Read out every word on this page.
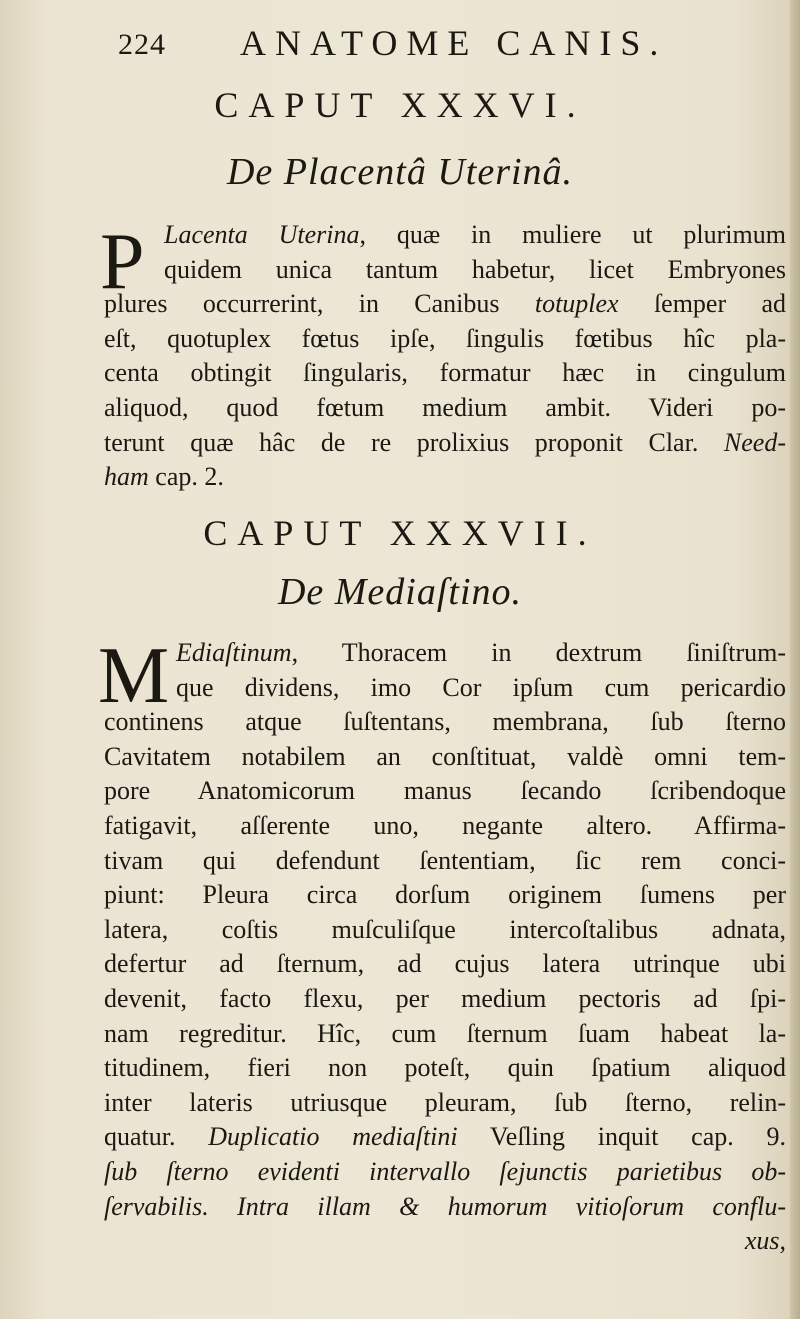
224 ANATOME CANIS.
CAPUT XXXVI.
De Placentâ Uterinâ.
P Lacenta Uterina, quæ in muliere ut plurimum
quidem unica tantum habetur, licet Embryones
plures occurrerint, in Canibus totuplex ſemper ad
eſt, quotuplex fœtus ipſe, ſingulis fœtibus hîc pla-
centa obtingit ſingularis, formatur hæc in cingulum
aliquod, quod fœtum medium ambit. Videri po-
terunt quæ hâc de re prolixius proponit Clar. Need-
ham cap. 2.
CAPUT XXXVII.
De Mediaſtino.
M Ediaſtinum, Thoracem in dextrum ſiniſtrum-
que dividens, imo Cor ipſum cum pericardio
continens atque ſuſtentans, membrana, ſub ſterno
Cavitatem notabilem an conſtituat, valdè omni tem-
pore Anatomicorum manus ſecando ſcribendoque
fatigavit, aſſerente uno, negante altero. Affirma-
tivam qui defendunt ſententiam, ſic rem conci-
piunt: Pleura circa dorſum originem ſumens per
latera, coſtis muſculiſque intercoſtalibus adnata,
defertur ad ſternum, ad cujus latera utrinque ubi
devenit, facto flexu, per medium pectoris ad ſpi-
nam regreditur. Hîc, cum ſternum ſuam habeat la-
titudinem, fieri non poteſt, quin ſpatium aliquod
inter lateris utriusque pleuram, ſub ſterno, relin-
quatur. Duplicatio mediaſtini Veſling inquit cap. 9.
ſub ſterno evidenti intervallo ſejunctis parietibus ob-
ſervabilis. Intra illam & humorum vitioſorum conflu-
xus,
